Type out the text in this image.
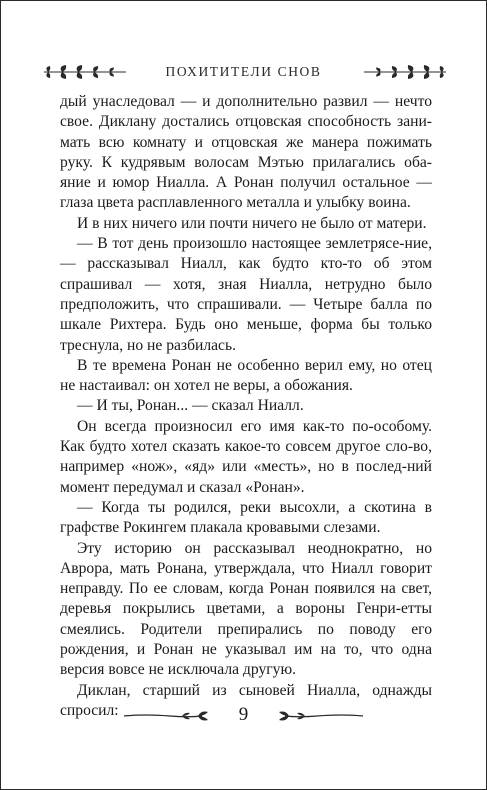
ПОХИТИТЕЛИ СНОВ

дый унаследовал — и дополнительно развил — нечто свое. Диклану достались отцовская способность зани-мать всю комнату и отцовская же манера пожимать руку. К кудрявым волосам Мэтью прилагались оба-яние и юмор Ниалла. А Ронан получил остальное — глаза цвета расплавленного металла и улыбку воина.

И в них ничего или почти ничего не было от матери.

— В тот день произошло настоящее землетрясе-ние, — рассказывал Ниалл, как будто кто-то об этом спрашивал — хотя, зная Ниалла, нетрудно было предположить, что спрашивали. — Четыре балла по шкале Рихтера. Будь оно меньше, форма бы только треснула, но не разбилась.

В те времена Ронан не особенно верил ему, но отец не настаивал: он хотел не веры, а обожания.

— И ты, Ронан... — сказал Ниалл.

Он всегда произносил его имя как-то по-особому. Как будто хотел сказать какое-то совсем другое сло-во, например «нож», «яд» или «месть», но в послед-ний момент передумал и сказал «Ронан».

— Когда ты родился, реки высохли, а скотина в графстве Рокингем плакала кровавыми слезами.

Эту историю он рассказывал неоднократно, но Аврора, мать Ронана, утверждала, что Ниалл говорит неправду. По ее словам, когда Ронан появился на свет, деревья покрылись цветами, а вороны Генри-етты смеялись. Родители препирались по поводу его рождения, и Ронан не указывал им на то, что одна версия вовсе не исключала другую.

Диклан, старший из сыновей Ниалла, однажды спросил:	9
